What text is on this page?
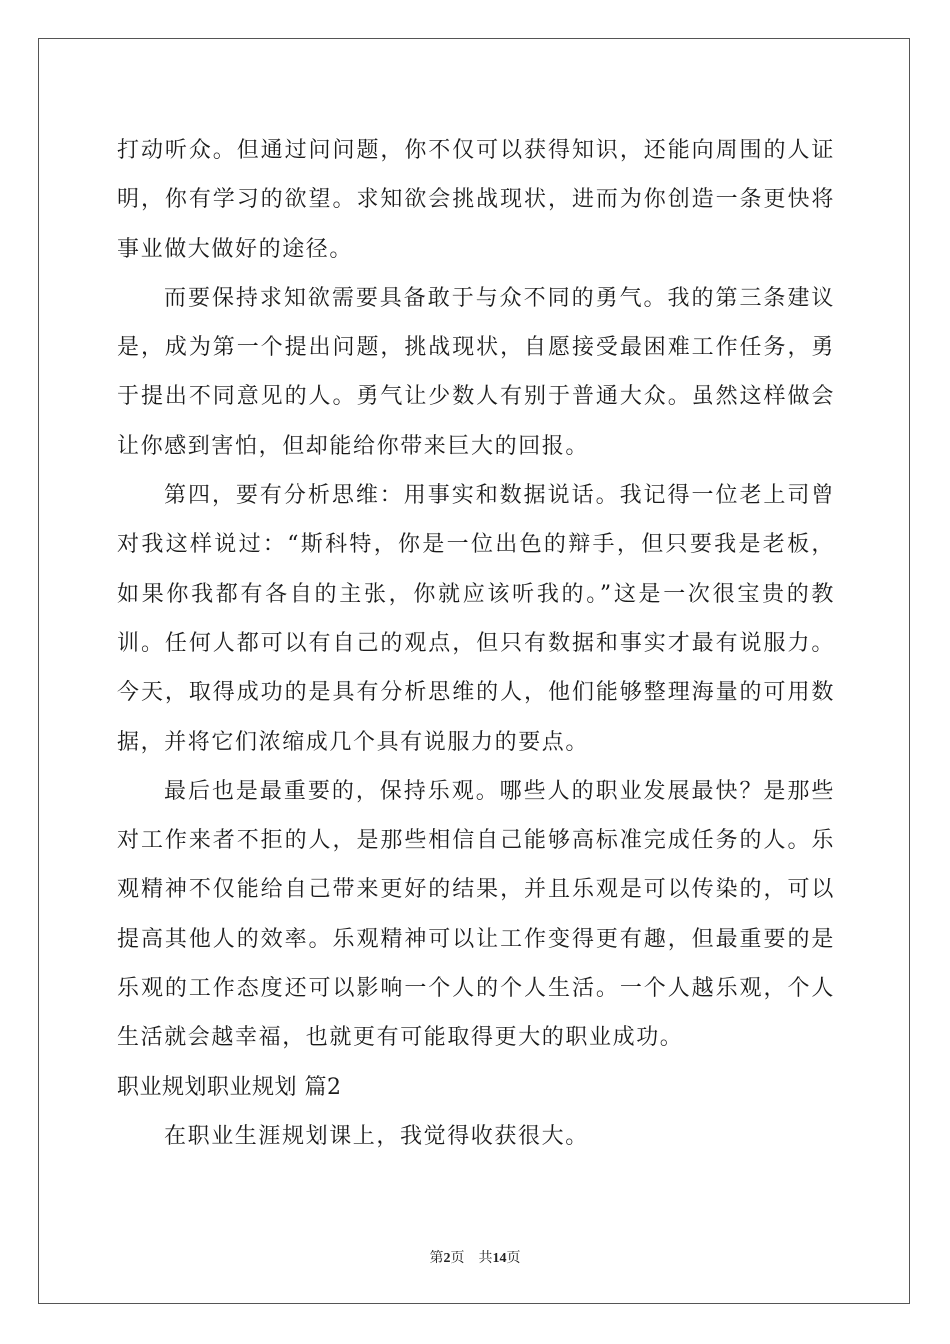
打动听众。但通过问问题，你不仅可以获得知识，还能向周围的人证明，你有学习的欲望。求知欲会挑战现状，进而为你创造一条更快将事业做大做好的途径。

而要保持求知欲需要具备敢于与众不同的勇气。我的第三条建议是，成为第一个提出问题，挑战现状，自愿接受最困难工作任务，勇于提出不同意见的人。勇气让少数人有别于普通大众。虽然这样做会让你感到害怕，但却能给你带来巨大的回报。

第四，要有分析思维：用事实和数据说话。我记得一位老上司曾对我这样说过：“斯科特，你是一位出色的辩手，但只要我是老板，如果你我都有各自的主张，你就应该听我的。”这是一次很宝贵的教训。任何人都可以有自己的观点，但只有数据和事实才最有说服力。今天，取得成功的是具有分析思维的人，他们能够整理海量的可用数据，并将它们浓缩成几个具有说服力的要点。

最后也是最重要的，保持乐观。哪些人的职业发展最快？是那些对工作来者不拒的人，是那些相信自己能够高标准完成任务的人。乐观精神不仅能给自己带来更好的结果，并且乐观是可以传染的，可以提高其他人的效率。乐观精神可以让工作变得更有趣，但最重要的是乐观的工作态度还可以影响一个人的个人生活。一个人越乐观，个人生活就会越幸福，也就更有可能取得更大的职业成功。

职业规划职业规划 篇2

在职业生涯规划课上，我觉得收获很大。

第2页 共14页
